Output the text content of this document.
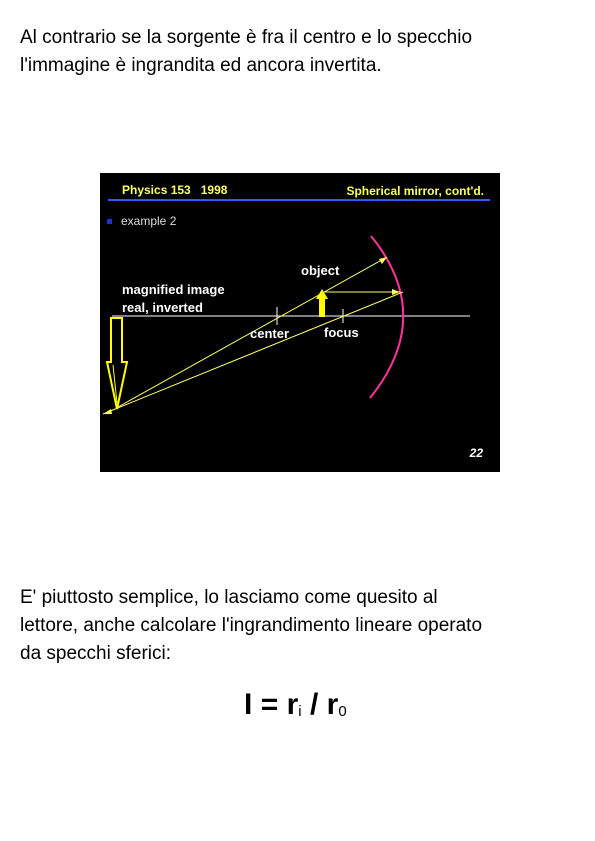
Al contrario se la sorgente è fra il centro e lo specchio
l'immagine è ingrandita ed ancora invertita.

Physics 153   1998	Spherical mirror, cont'd.
example 2
object
magnified image
real, inverted
center	focus
22

E' piuttosto semplice, lo lasciamo come quesito al
lettore, anche calcolare l'ingrandimento lineare operato
da specchi sferici:

$I = r_i / r_0$
